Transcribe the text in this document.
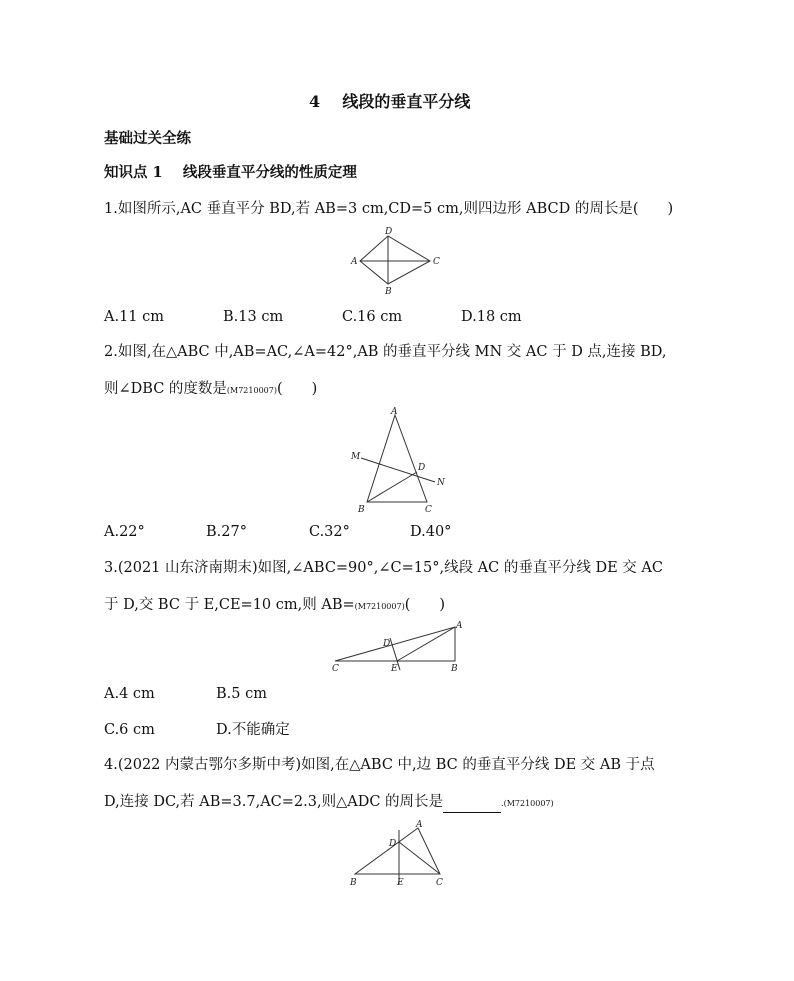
4 线段的垂直平分线
基础过关全练
知识点 1 线段垂直平分线的性质定理
1.如图所示,AC 垂直平分 BD,若 AB=3 cm,CD=5 cm,则四边形 ABCD 的周长是(　　)
D
A	C
B
A.11 cm	B.13 cm	C.16 cm	D.18 cm
2.如图,在△ABC 中,AB=AC,∠A=42°,AB 的垂直平分线 MN 交 AC 于 D 点,连接 BD,
则∠DBC 的度数是(M7210007)(　　)
A
M
D
N
B	C
A.22°	B.27°	C.32°	D.40°
3.(2021 山东济南期末)如图,∠ABC=90°,∠C=15°,线段 AC 的垂直平分线 DE 交 AC
于 D,交 BC 于 E,CE=10 cm,则 AB=(M7210007)(　　)
A
D
C	E	B
A.4 cm	B.5 cm
C.6 cm	D.不能确定
4.(2022 内蒙古鄂尔多斯中考)如图,在△ABC 中,边 BC 的垂直平分线 DE 交 AB 于点
D,连接 DC,若 AB=3.7,AC=2.3,则△ADC 的周长是	.(M7210007)
A
D
B	E	C
